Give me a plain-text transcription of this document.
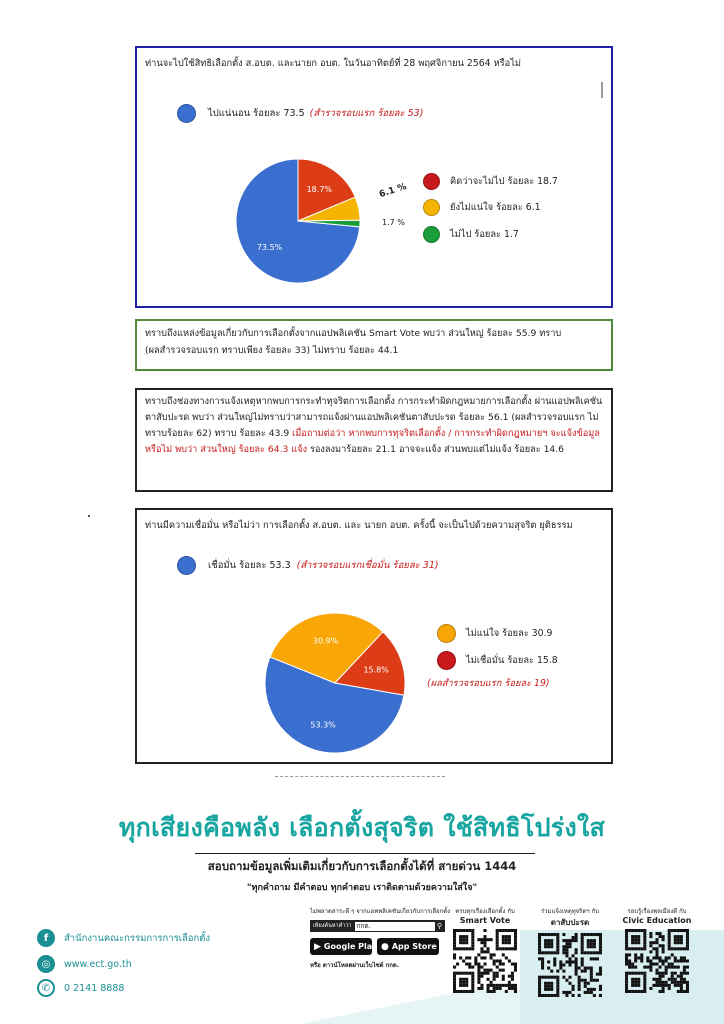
ท่านจะไปใช้สิทธิเลือกตั้ง ส.อบต. และนายก อบต. ในวันอาทิตย์ที่ 28 พฤศจิกายน 2564 หรือไม่
ไปแน่นอน ร้อยละ 73.5 (สำรวจรอบแรก ร้อยละ 53)
73.5%
18.7%	6.1 %
1.7 %
คิดว่าจะไม่ไป ร้อยละ 18.7
ยังไม่แน่ใจ ร้อยละ 6.1
ไม่ไป ร้อยละ 1.7
ทราบถึงแหล่งข้อมูลเกี่ยวกับการเลือกตั้งจากแอปพลิเคชัน Smart Vote พบว่า ส่วนใหญ่ ร้อยละ 55.9 ทราบ
(ผลสำรวจรอบแรก ทราบเพียง ร้อยละ 33) ไม่ทราบ ร้อยละ 44.1
ทราบถึงช่องทางการแจ้งเหตุหากพบการกระทำทุจริตการเลือกตั้ง การกระทำผิดกฎหมายการเลือกตั้ง ผ่านแอปพลิเคชันตาสับปะรด พบว่า ส่วนใหญ่ไม่ทราบว่าสามารถแจ้งผ่านแอปพลิเคชันตาสับปะรด ร้อยละ 56.1 (ผลสำรวจรอบแรก ไม่ทราบร้อยละ 62) ทราบ ร้อยละ 43.9 เมื่อถามต่อว่า หากพบการทุจริตเลือกตั้ง / การกระทำผิดกฎหมายฯ จะแจ้งข้อมูล หรือไม่ พบว่า ส่วนใหญ่ ร้อยละ 64.3 แจ้ง รองลงมาร้อยละ 21.1 อาจจะแจ้ง ส่วนพบแต่ไม่แจ้ง ร้อยละ 14.6
ท่านมีความเชื่อมั่น หรือไม่ว่า การเลือกตั้ง ส.อบต. และ นายก อบต. ครั้งนี้ จะเป็นไปด้วยความสุจริต ยุติธรรม
เชื่อมั่น ร้อยละ 53.3 (สำรวจรอบแรกเชื่อมั่น ร้อยละ 31)
53.3%
30.9%
15.8%
ไม่แน่ใจ ร้อยละ 30.9
ไม่เชื่อมั่น ร้อยละ 15.8
(ผลสำรวจรอบแรก ร้อยละ 19)
ทุกเสียงคือพลัง เลือกตั้งสุจริต ใช้สิทธิโปร่งใส
สอบถามข้อมูลเพิ่มเติมเกี่ยวกับการเลือกตั้งได้ที่ สายด่วน 1444
"ทุกคำถาม มีคำตอบ ทุกคำตอบ เราติดตามด้วยความใส่ใจ"
f	สำนักงานคณะกรรมการการเลือกตั้ง
◎	www.ect.go.th
✆	0 2141 8888
ไม่พลาดสาระดี ๆ จากแอพพลิเคชันเกี่ยวกับการเลือกตั้ง
เพียงค้นหาคำว่า กกต.	⚲
▶ Google Play ● App Store
หรือ ดาวน์โหลดผ่านเว็บไซต์ กกต.
ครบทุกเรื่องเลือกตั้ง กับ
Smart Vote
ร่วมแจ้งเหตุทุจริตฯ กับ
ตาสับปะรด
รอบรู้เรื่องพลเมืองดี กับ
Civic Education
